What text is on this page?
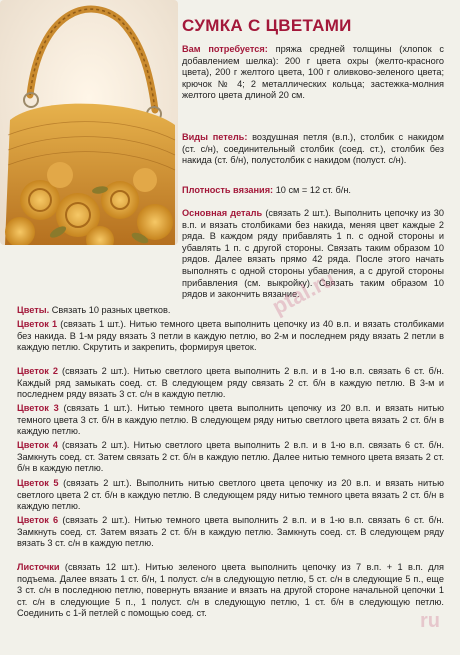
СУМКА С ЦВЕТАМИ

Вам потребуется: пряжа средней толщины (хлопок с добавлением шелка): 200 г цвета охры (желто-красного цвета), 200 г желтого цвета, 100 г оливково-зеленого цвета; крючок № 4; 2 металлических кольца; застежка-молния желтого цвета длиной 20 см.

Виды петель: воздушная петля (в.п.), столбик с накидом (ст. с/н), соединительный столбик (соед. ст.), столбик без накида (ст. б/н), полустолбик с накидом (полуст. с/н).

Плотность вязания: 10 см = 12 ст. б/н.

Основная деталь (связать 2 шт.). Выполнить цепочку из 30 в.п. и вязать столбиками без накида, меняя цвет каждые 2 ряда. В каждом ряду прибавлять 1 п. с одной стороны и убавлять 1 п. с другой стороны. Связать таким образом 10 рядов. Далее вязать прямо 42 ряда. После этого начать выполнять с одной стороны убавления, а с другой стороны прибавления (см. выкройку). Связать таким образом 10 рядов и закончить вязание.

Цветы. Связать 10 разных цветков.

Цветок 1 (связать 1 шт.). Нитью темного цвета выполнить цепочку из 40 в.п. и вязать столбиками без накида. В 1-м ряду вязать 3 петли в каждую петлю, во 2-м и последнем ряду вязать 2 петли в каждую петлю. Скрутить и закрепить, формируя цветок.

Цветок 2 (связать 2 шт.). Нитью светлого цвета выполнить 2 в.п. и в 1-ю в.п. связать 6 ст. б/н. Каждый ряд замыкать соед. ст. В следующем ряду связать 2 ст. б/н в каждую петлю. В 3-м и последнем ряду вязать 3 ст. с/н в каждую петлю.

Цветок 3 (связать 1 шт.). Нитью темного цвета выполнить цепочку из 20 в.п. и вязать нитью темного цвета 3 ст. б/н в каждую петлю. В следующем ряду нитью светлого цвета вязать 2 ст. б/н в каждую петлю.

Цветок 4 (связать 2 шт.). Нитью светлого цвета выполнить 2 в.п. и в 1-ю в.п. связать 6 ст. б/н. Замкнуть соед. ст. Затем связать 2 ст. б/н в каждую петлю. Далее нитью темного цвета вязать 2 ст. б/н в каждую петлю.

Цветок 5 (связать 2 шт.). Выполнить нитью светлого цвета цепочку из 20 в.п. и вязать нитью светлого цвета 2 ст. б/н в каждую петлю. В следующем ряду нитью темного цвета вязать 2 ст. б/н в каждую петлю.

Цветок 6 (связать 2 шт.). Нитью темного цвета выполнить 2 в.п. и в 1-ю в.п. связать 6 ст. б/н. Замкнуть соед. ст. Затем вязать 2 ст. б/н в каждую петлю. Замкнуть соед. ст. В следующем ряду вязать 3 ст. с/н в каждую петлю.

Листочки (связать 12 шт.). Нитью зеленого цвета выполнить цепочку из 7 в.п. + 1 в.п. для подъема. Далее вязать 1 ст. б/н, 1 полуст. с/н в следующую петлю, 5 ст. с/н в следующие 5 п., еще 3 ст. с/н в последнюю петлю, повернуть вязание и вязать на другой стороне начальной цепочки 1 ст. с/н в следующие 5 п., 1 полуст. с/н в следующую петлю, 1 ст. б/н в следующую петлю. Соединить с 1-й петлей с помощью соед. ст.

ptal.ru
ru
